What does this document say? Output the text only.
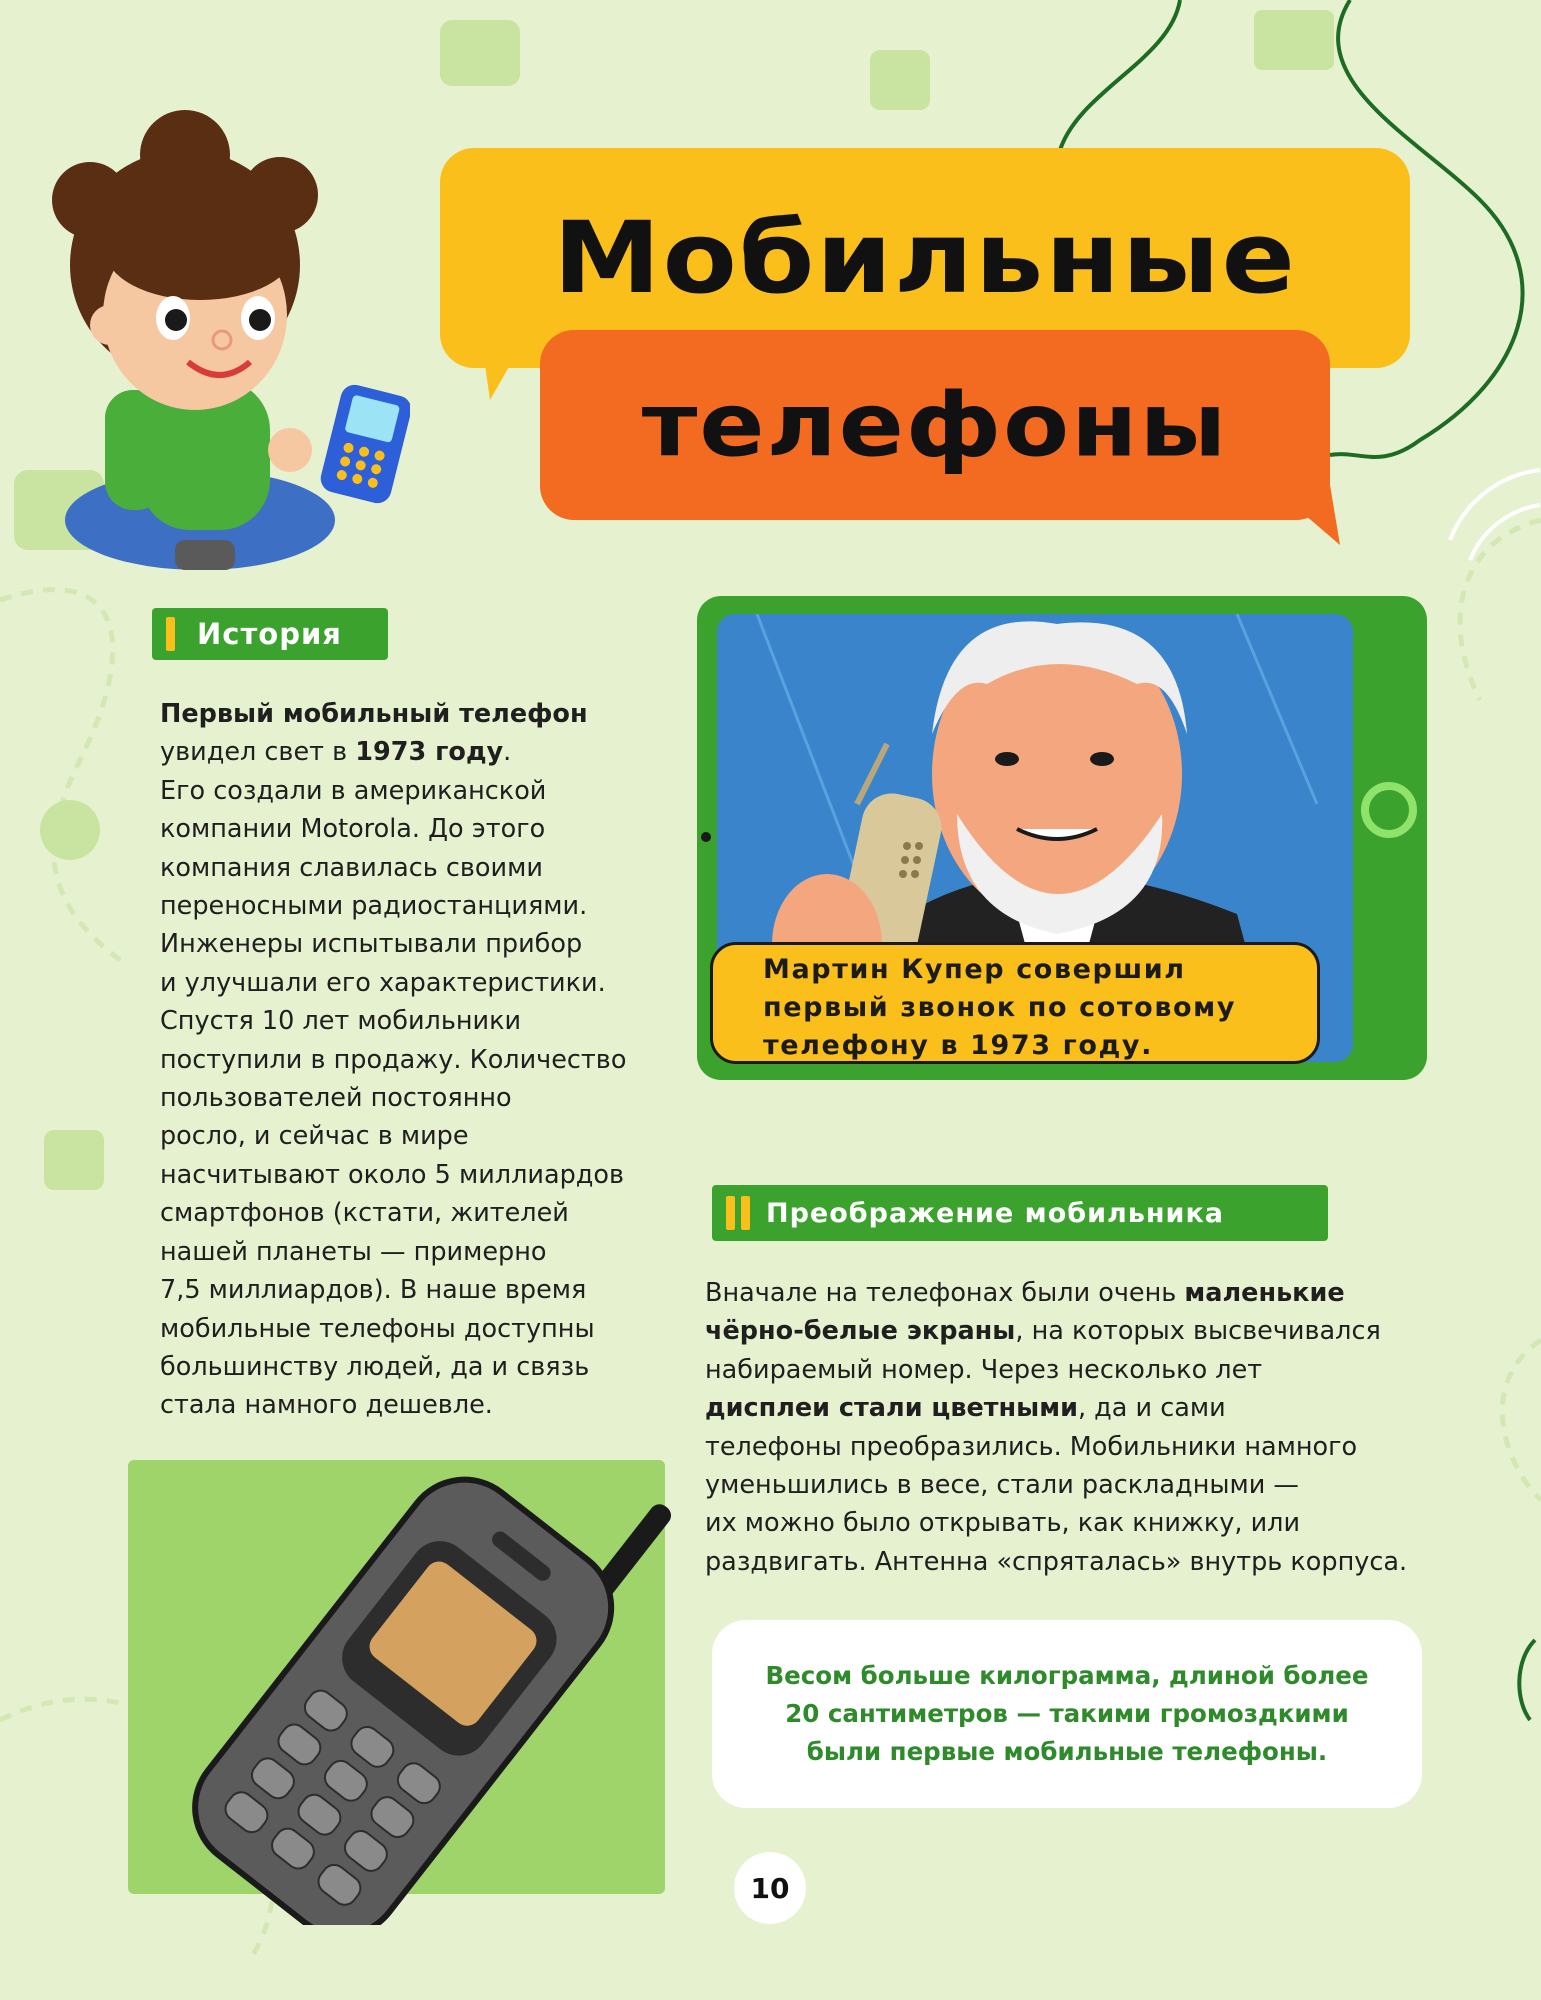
Мобильные
телефоны
История
Первый мобильный телефон
увидел свет в 1973 году.
Его создали в американской
компании Motorola. До этого
компания славилась своими
переносными радиостанциями.
Инженеры испытывали прибор
и улучшали его характеристики.
Спустя 10 лет мобильники
поступили в продажу. Количество
пользователей постоянно
росло, и сейчас в мире
насчитывают около 5 миллиардов
смартфонов (кстати, жителей
нашей планеты — примерно
7,5 миллиардов). В наше время
мобильные телефоны доступны
большинству людей, да и связь
стала намного дешевле.
Мартин Купер совершил
первый звонок по сотовому
телефону в 1973 году.
Преображение мобильника
Вначале на телефонах были очень маленькие
чёрно-белые экраны, на которых высвечивался
набираемый номер. Через несколько лет
дисплеи стали цветными, да и сами
телефоны преобразились. Мобильники намного
уменьшились в весе, стали раскладными —
их можно было открывать, как книжку, или
раздвигать. Антенна «спряталась» внутрь корпуса.
Весом больше килограмма, длиной более
20 сантиметров — такими громоздкими
были первые мобильные телефоны.
10
